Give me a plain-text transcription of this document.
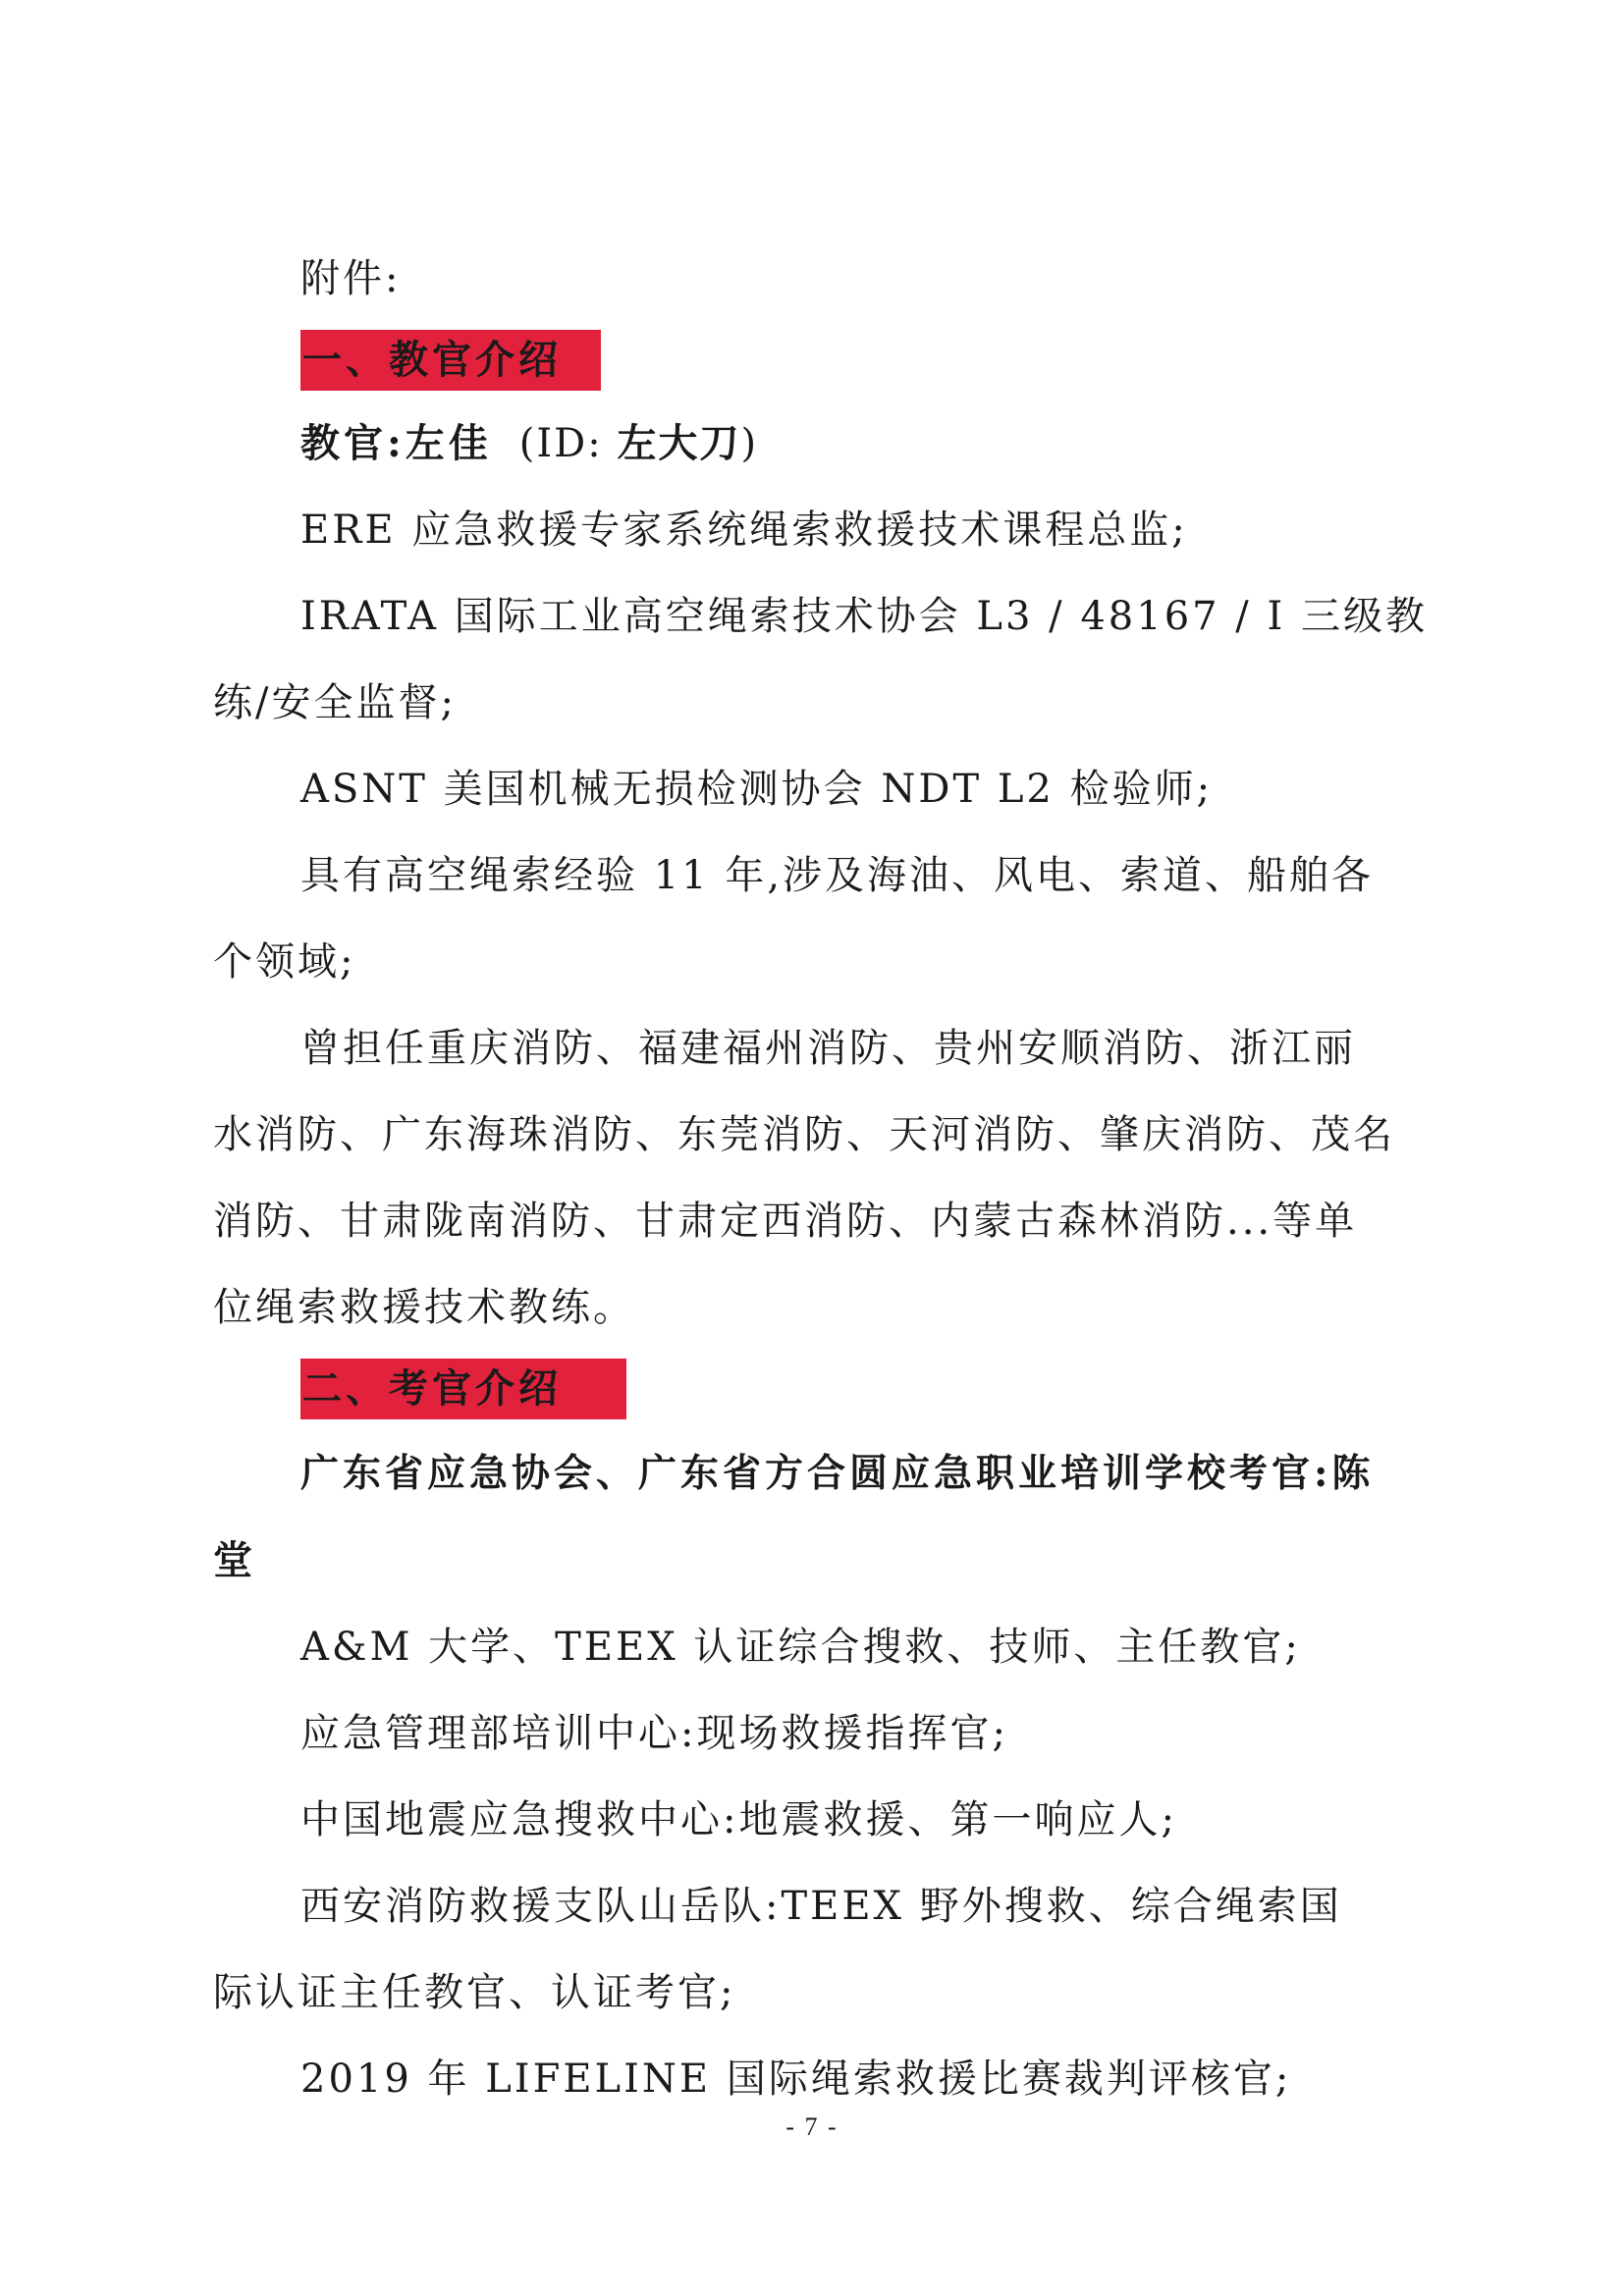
附件:
一、教官介绍
教官:左佳 (ID: 左大刀)
ERE 应急救援专家系统绳索救援技术课程总监;
IRATA 国际工业高空绳索技术协会 L3 / 48167 / I 三级教
练/安全监督;
ASNT 美国机械无损检测协会 NDT L2 检验师;
具有高空绳索经验 11 年,涉及海油、风电、索道、船舶各
个领域;
曾担任重庆消防、福建福州消防、贵州安顺消防、浙江丽
水消防、广东海珠消防、东莞消防、天河消防、肇庆消防、茂名
消防、甘肃陇南消防、甘肃定西消防、内蒙古森林消防...等单
位绳索救援技术教练。
二、考官介绍
广东省应急协会、广东省方合圆应急职业培训学校考官:陈
堂
A&M 大学、TEEX 认证综合搜救、技师、主任教官;
应急管理部培训中心:现场救援指挥官;
中国地震应急搜救中心:地震救援、第一响应人;
西安消防救援支队山岳队:TEEX 野外搜救、综合绳索国
际认证主任教官、认证考官;
2019 年 LIFELINE 国际绳索救援比赛裁判评核官;
- 7 -
